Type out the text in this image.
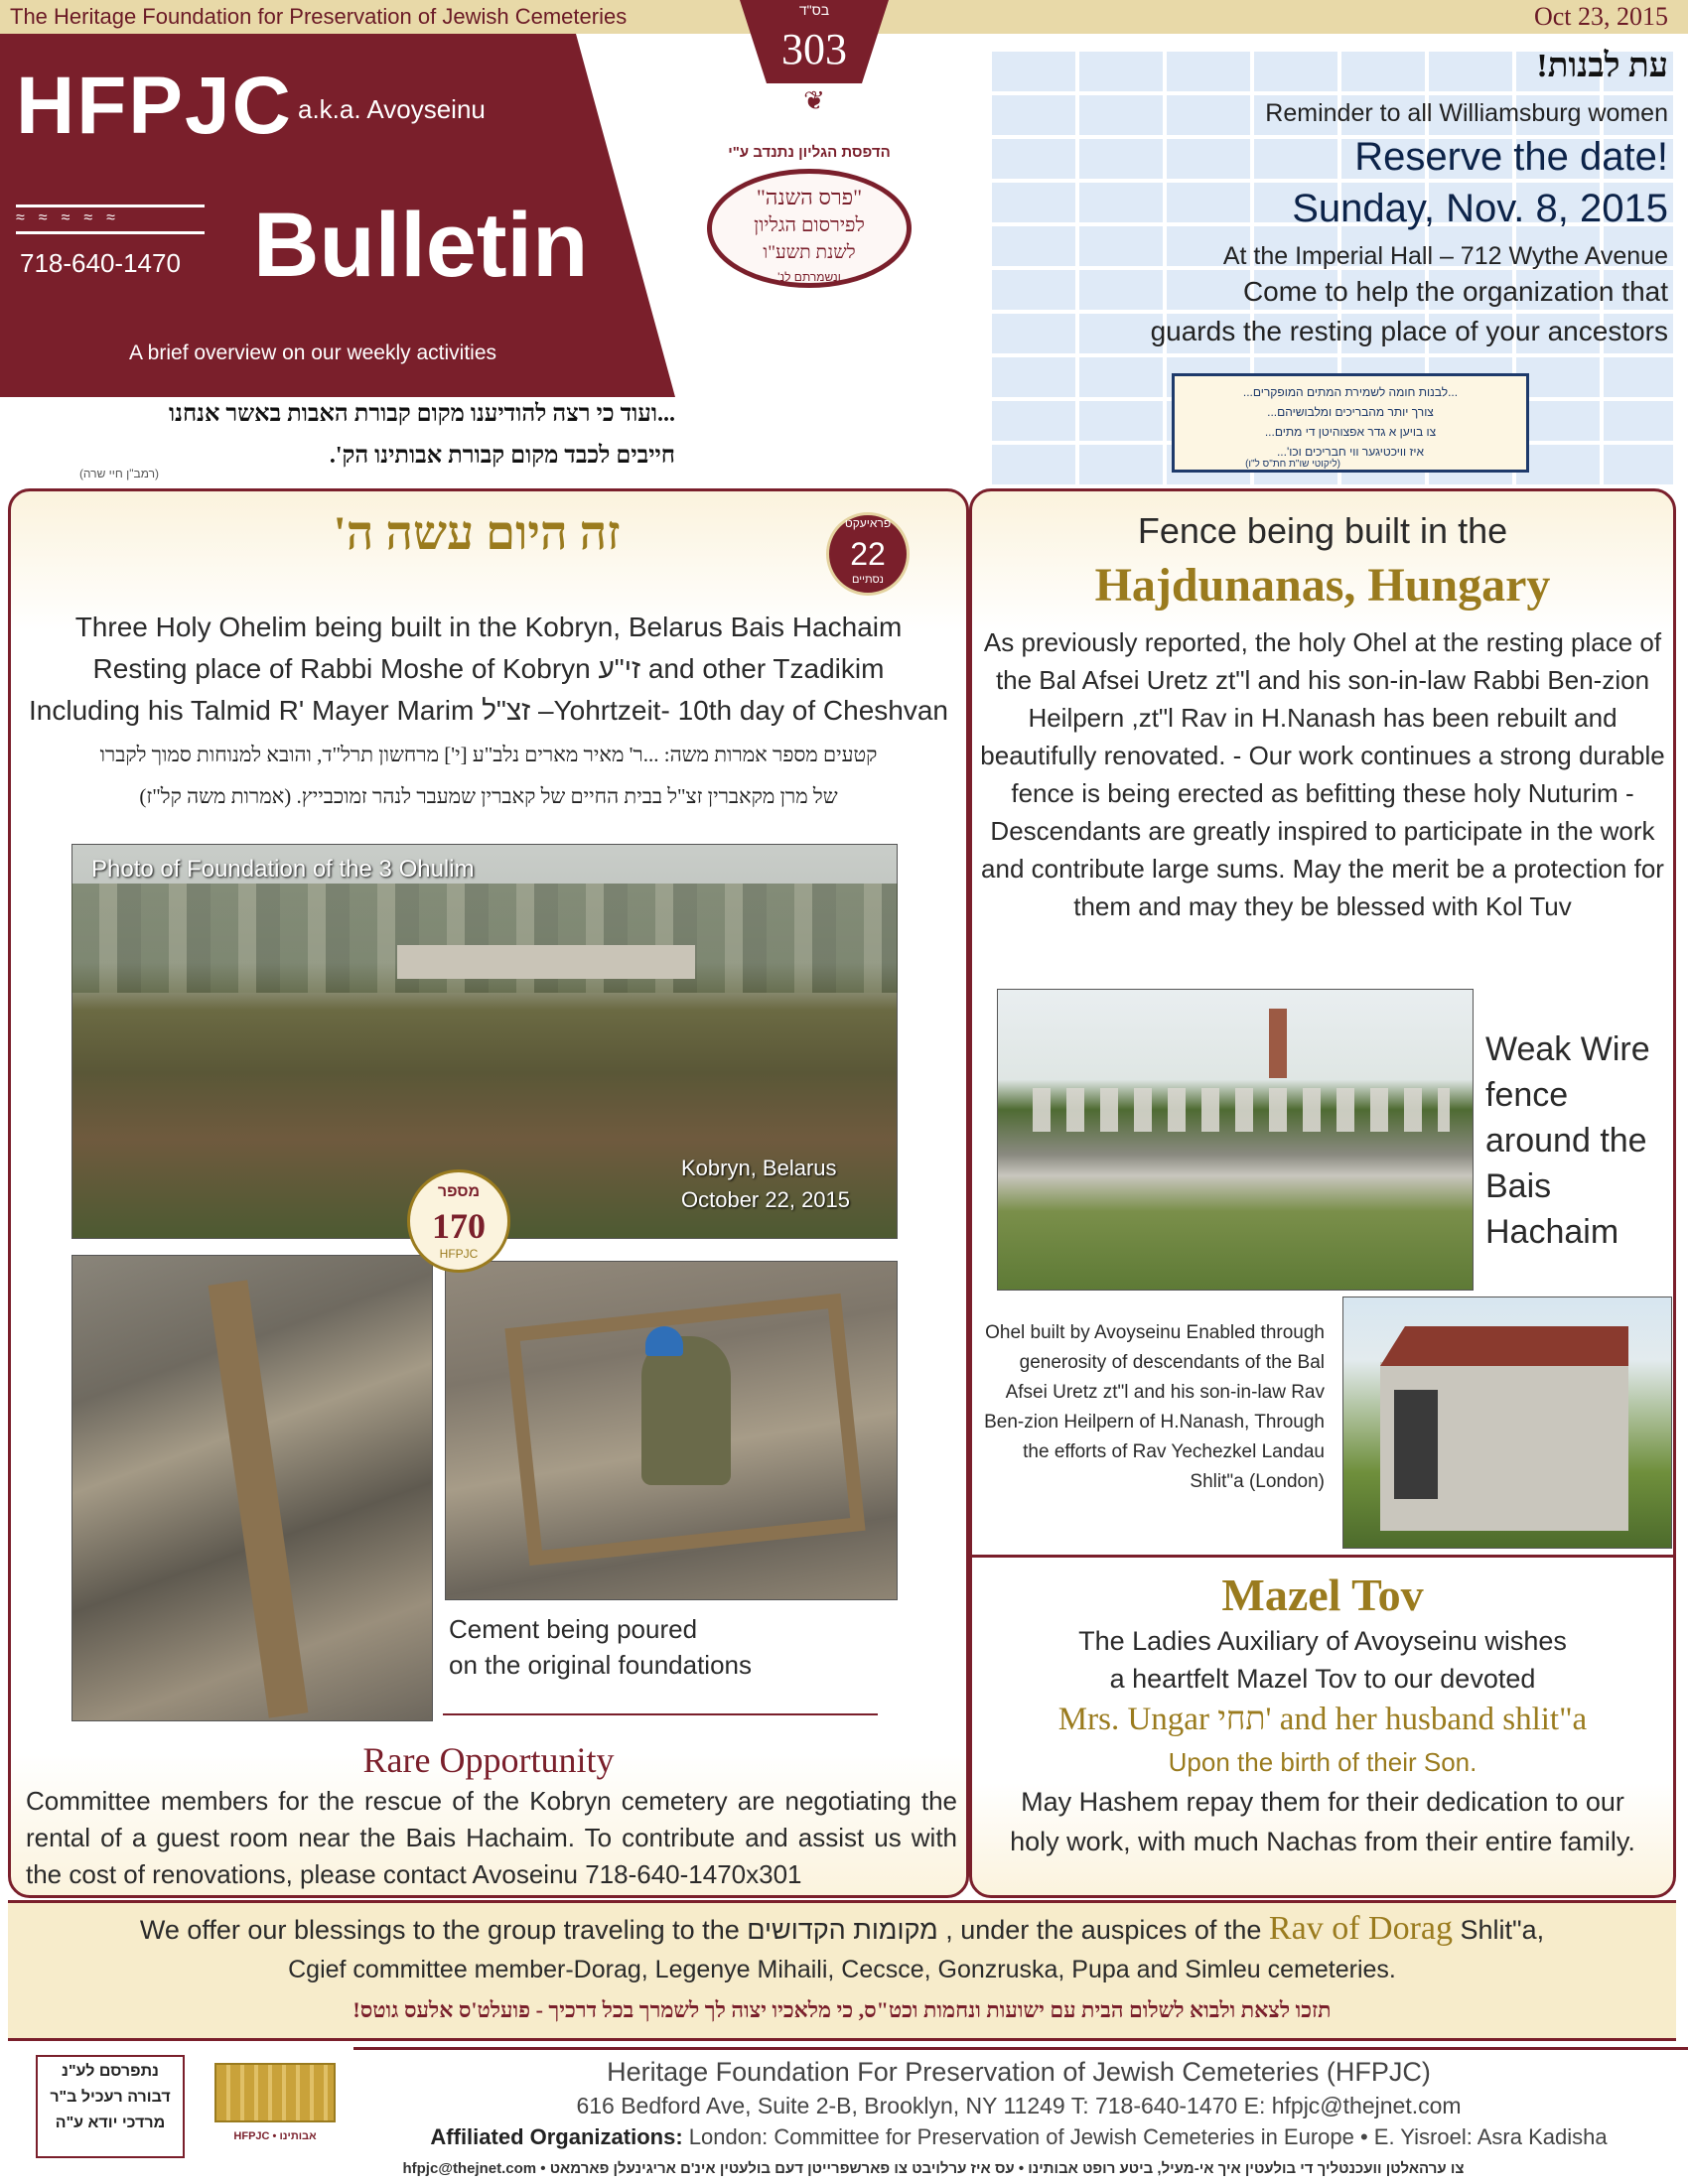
The Heritage Foundation for Preservation of Jewish Cemeteries	Oct 23, 2015
HFPJC a.k.a. Avoyseinu
≈≈≈≈≈
718-640-1470 Bulletin
A brief overview on our weekly activities
בס"ד
303
❦
הדפסת הגליון נתנדב ע"י
"פרס השנה"
לפירסום הגליון
לשנת תשע"ו
ונשמרתם לנ'
עת לבנות!
Reminder to all Williamsburg women
Reserve the date!
Sunday, Nov. 8, 2015
At the Imperial Hall – 712 Wythe Avenue
Come to help the organization that
guards the resting place of your ancestors
...לבנות חומה לשמירת המתים המופקרים...
צורך יותר מהבריכים ומלבושיהם...
צו בויען א גדר אפצוהיטן די מתים...
איז וויכטיגער ווי חבריכים וכו'...
(ליקוטי שו"ת חת"ס ל"ו)
...ועוד כי רצה להודיענו מקום קבורת האבות באשר אנחנו
חייבים לכבד מקום קבורת אבותינו הק'.
(רמב"ן חיי שרה)
זה היום עשה ה'	פראיעקט
22
נסתיים
Three Holy Ohelim being built in the Kobryn, Belarus Bais Hachaim
Resting place of Rabbi Moshe of Kobryn זי"ע and other Tzadikim
Including his Talmid R' Mayer Marim זצ"ל –Yohrtzeit- 10th day of Cheshvan
קטעים מספר אמרות משה: ...ר' מאיר מארים נלב"ע [י'] מרחשון תרל"ד, והובא למנוחות סמוך לקברו
של מרן מקאברין זצ"ל בבית החיים של קאברין שמעבר לנהר זמוכבייץ. (אמרות משה קל"ז)
Photo of Foundation of the 3 Ohulim
Kobryn, Belarus
October 22, 2015
מספר
170
HFPJC
Cement being poured
on the original foundations
Rare Opportunity
Committee members for the rescue of the Kobryn cemetery are negotiating the rental of a guest room near the Bais Hachaim. To contribute and assist us with the cost of renovations, please contact Avoseinu 718-640-1470x301
Fence being built in the
Hajdunanas, Hungary
As previously reported, the holy Ohel at the resting place of the Bal Afsei Uretz zt"l and his son-in-law Rabbi Ben-zion Heilpern ,zt"l Rav in H.Nanash has been rebuilt and beautifully renovated. - Our work continues a strong durable fence is being erected as befitting these holy Nuturim -Descendants are greatly inspired to participate in the work and contribute large sums. May the merit be a protection for them and may they be blessed with Kol Tuv
Weak Wire fence around the Bais Hachaim
Ohel built by Avoyseinu Enabled through generosity of descendants of the Bal Afsei Uretz zt"l and his son-in-law Rav Ben-zion Heilpern of H.Nanash, Through the efforts of Rav Yechezkel Landau Shlit"a (London)
Mazel Tov
The Ladies Auxiliary of Avoyseinu wishes
a heartfelt Mazel Tov to our devoted
Mrs. Ungar תחי' and her husband shlit"a
Upon the birth of their Son.
May Hashem repay them for their dedication to our
holy work, with much Nachas from their entire family.
We offer our blessings to the group traveling to the מקומות הקדושים , under the auspices of the Rav of Dorag Shlit"a,
Cgief committee member-Dorag, Legenye Mihaili, Cecsce, Gonzruska, Pupa and Simleu cemeteries.
תזכו לצאת ולבוא לשלום הבית עם ישועות ונחמות וכט"ס, כי מלאכיו יצוה לך לשמרך בכל דרכיך - פועלט'ס אלעס גוטס!
נתפרסם לע"נ
דבורה רעכיל ב"ר
מרדכי יודא ע"ה
HFPJC • אבותינו
Heritage Foundation For Preservation of Jewish Cemeteries (HFPJC)
616 Bedford Ave, Suite 2-B, Brooklyn, NY 11249 T: 718-640-1470 E: hfpjc@thejnet.com
Affiliated Organizations: London: Committee for Preservation of Jewish Cemeteries in Europe • E. Yisroel: Asra Kadisha
צו ערהאלטן וועכנטליך די בולעטין איך אי-מעיל, ביטע רופט אבותינו • עס איז ערלויבט צו פארשפרייטן דעם בולעטין אינ'ם אריגינעלן פארמאט • hfpjc@thejnet.com
